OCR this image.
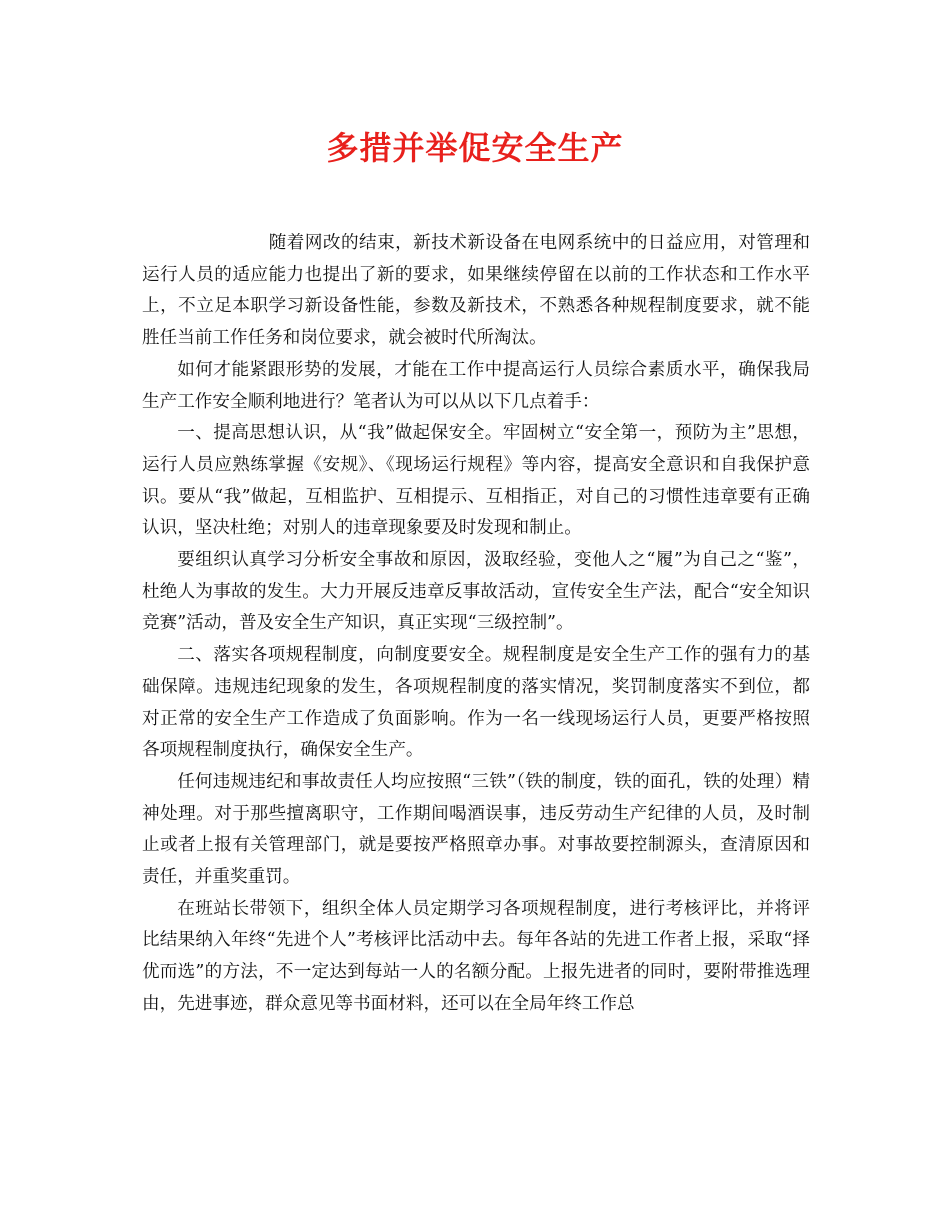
多措并举促安全生产

随着网改的结束，新技术新设备在电网系统中的日益应用，对管理和运行人员的适应能力也提出了新的要求，如果继续停留在以前的工作状态和工作水平上，不立足本职学习新设备性能，参数及新技术，不熟悉各种规程制度要求，就不能胜任当前工作任务和岗位要求，就会被时代所淘汰。

如何才能紧跟形势的发展，才能在工作中提高运行人员综合素质水平，确保我局生产工作安全顺利地进行？笔者认为可以从以下几点着手：

一、提高思想认识，从“我”做起保安全。牢固树立“安全第一，预防为主”思想，运行人员应熟练掌握《安规》、《现场运行规程》等内容，提高安全意识和自我保护意识。要从“我”做起，互相监护、互相提示、互相指正，对自己的习惯性违章要有正确认识，坚决杜绝；对别人的违章现象要及时发现和制止。

要组织认真学习分析安全事故和原因，汲取经验，变他人之“履”为自己之“鉴”，杜绝人为事故的发生。大力开展反违章反事故活动，宣传安全生产法，配合“安全知识竞赛”活动，普及安全生产知识，真正实现“三级控制”。

二、落实各项规程制度，向制度要安全。规程制度是安全生产工作的强有力的基础保障。违规违纪现象的发生，各项规程制度的落实情况，奖罚制度落实不到位，都对正常的安全生产工作造成了负面影响。作为一名一线现场运行人员，更要严格按照各项规程制度执行，确保安全生产。

任何违规违纪和事故责任人均应按照“三铁”（铁的制度，铁的面孔，铁的处理）精神处理。对于那些擅离职守，工作期间喝酒误事，违反劳动生产纪律的人员，及时制止或者上报有关管理部门，就是要按严格照章办事。对事故要控制源头，查清原因和责任，并重奖重罚。

在班站长带领下，组织全体人员定期学习各项规程制度，进行考核评比，并将评比结果纳入年终“先进个人”考核评比活动中去。每年各站的先进工作者上报，采取“择优而选”的方法，不一定达到每站一人的名额分配。上报先进者的同时，要附带推选理由，先进事迹，群众意见等书面材料，还可以在全局年终工作总
